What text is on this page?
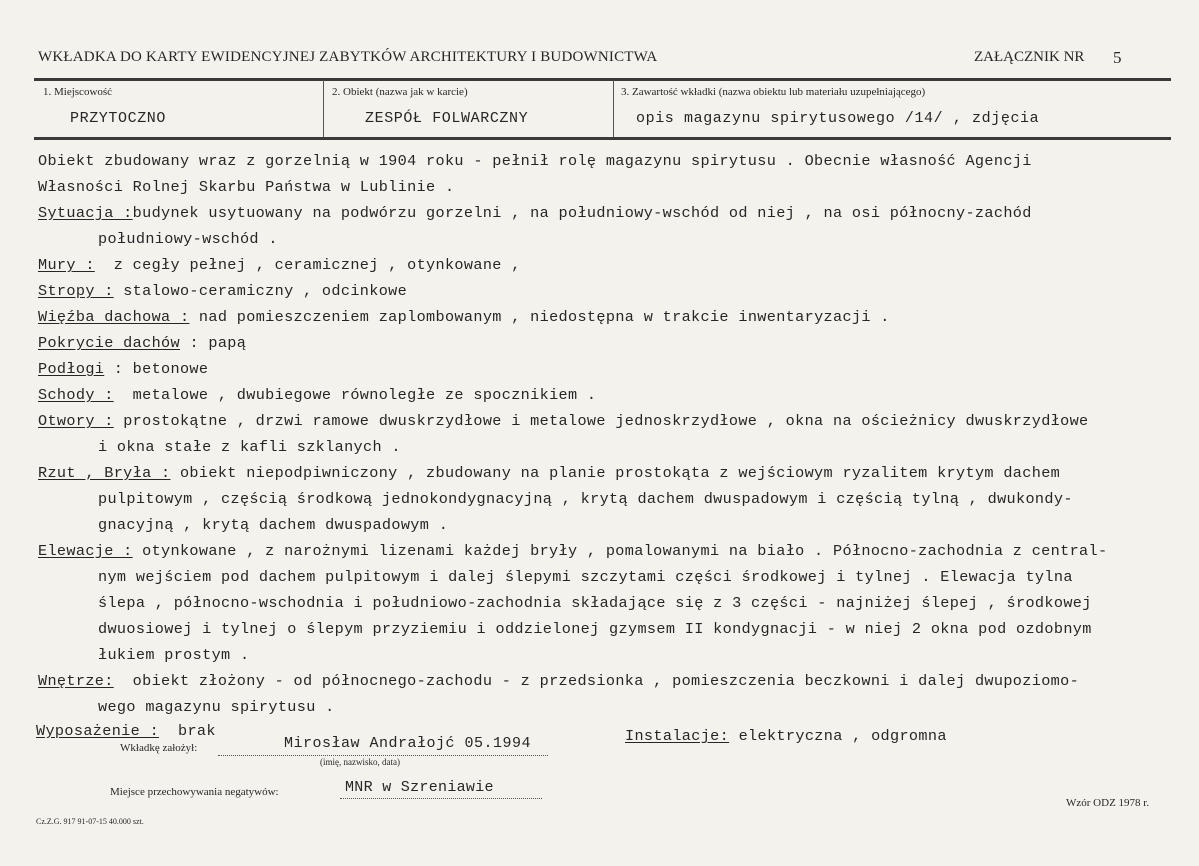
WKŁADKA DO KARTY EWIDENCYJNEJ ZABYTKÓW ARCHITEKTURY I BUDOWNICTWA	ZAŁĄCZNIK NR 5
1. Miejscowość
PRZYTOCZNO
2. Obiekt (nazwa jak w karcie)
ZESPÓŁ FOLWARCZNY
3. Zawartość wkładki (nazwa obiektu lub materiału uzupełniającego)
opis magazynu spirytusowego /14/ , zdjęcia
Obiekt zbudowany wraz z gorzelnią w 1904 roku - pełnił rolę magazynu spirytusu . Obecnie własność Agencji
Własności Rolnej Skarbu Państwa w Lublinie .
Sytuacja :budynek usytuowany na podwórzu gorzelni , na południowy-wschód od niej , na osi północny-zachód
południowy-wschód .
Mury : z cegły pełnej , ceramicznej , otynkowane ,
Stropy : stalowo-ceramiczny , odcinkowe
Więźba dachowa : nad pomieszczeniem zaplombowanym , niedostępna w trakcie inwentaryzacji .
Pokrycie dachów : papą
Podłogi : betonowe
Schody : metalowe , dwubiegowe równoległe ze spocznikiem .
Otwory : prostokątne , drzwi ramowe dwuskrzydłowe i metalowe jednoskrzydłowe , okna na ościeżnicy dwuskrzydłowe
i okna stałe z kafli szklanych .
Rzut , Bryła : obiekt niepodpiwniczony , zbudowany na planie prostokąta z wejściowym ryzalitem krytym dachem
pulpitowym , częścią środkową jednokondygnacyjną , krytą dachem dwuspadowym i częścią tylną , dwukondy-
gnacyjną , krytą dachem dwuspadowym .
Elewacje : otynkowane , z narożnymi lizenami każdej bryły , pomalowanymi na biało . Północno-zachodnia z central-
nym wejściem pod dachem pulpitowym i dalej ślepymi szczytami części środkowej i tylnej . Elewacja tylna
ślepa , północno-wschodnia i południowo-zachodnia składające się z 3 części - najniżej ślepej , środkowej
dwuosiowej i tylnej o ślepym przyziemiu i oddzielonej gzymsem II kondygnacji - w niej 2 okna pod ozdobnym
łukiem prostym .
Wnętrze: obiekt złożony - od północnego-zachodu - z przedsionka , pomieszczenia beczkowni i dalej dwupoziomo-
wego magazynu spirytusu .
Wyposażenie : brak	Instalacje: elektryczna , odgromna
Wkładkę założył:	Mirosław Andrałojć 05.1994
(imię, nazwisko, data)
Miejsce przechowywania negatywów:	MNR w Szreniawie
Wzór ODZ 1978 r.
Cz.Z.G. 917 91-07-15 40.000 szt.
